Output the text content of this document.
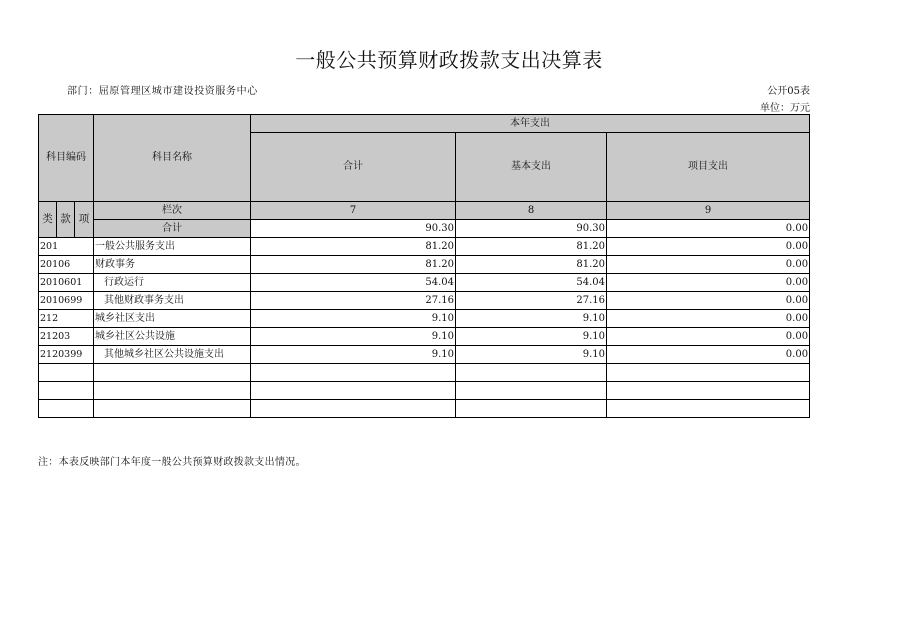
一般公共预算财政拨款支出决算表
部门：屈原管理区城市建设投资服务中心	公开05表
单位：万元
科目编码			科目名称	本年支出		
				合计	基本支出	项目支出
类	款	项	栏次	7	8	9
			合计	90.30	90.30	0.00
201			一般公共服务支出	81.20	81.20	0.00
20106			财政事务	81.20	81.20	0.00
2010601			行政运行	54.04	54.04	0.00
2010699			其他财政事务支出	27.16	27.16	0.00
212			城乡社区支出	9.10	9.10	0.00
21203			城乡社区公共设施	9.10	9.10	0.00
2120399			其他城乡社区公共设施支出	9.10	9.10	0.00

注：本表反映部门本年度一般公共预算财政拨款支出情况。
